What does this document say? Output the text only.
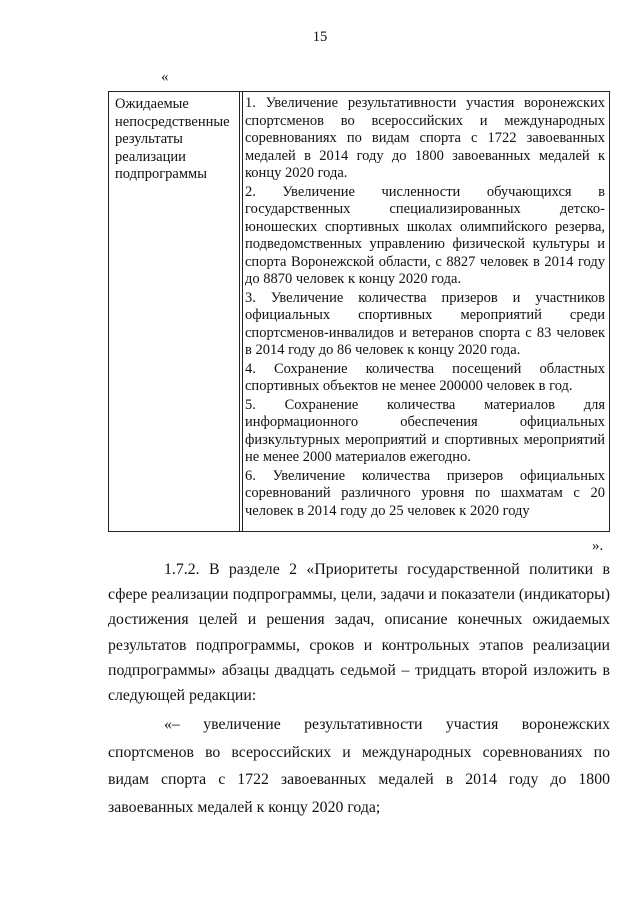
15
«
Ожидаемые непосредственные результаты реализации подпрограммы

1. Увеличение результативности участия воронежских спортсменов во всероссийских и международных соревнованиях по видам спорта с 1722 завоеванных медалей в 2014 году до 1800 завоеванных медалей к концу 2020 года.

2. Увеличение численности обучающихся в государственных специализированных детско-юношеских спортивных школах олимпийского резерва, подведомственных управлению физической культуры и спорта Воронежской области, с 8827 человек в 2014 году до 8870 человек к концу 2020 года.

3. Увеличение количества призеров и участников официальных спортивных мероприятий среди спортсменов-инвалидов и ветеранов спорта с 83 человек в 2014 году до 86 человек к концу 2020 года.

4. Сохранение количества посещений областных спортивных объектов не менее 200000 человек в год.

5. Сохранение количества материалов для информационного обеспечения официальных физкультурных мероприятий и спортивных мероприятий не менее 2000 материалов ежегодно.

6. Увеличение количества призеров официальных соревнований различного уровня по шахматам с 20 человек в 2014 году до 25 человек к 2020 году

».

1.7.2. В разделе 2 «Приоритеты государственной политики в сфере реализации подпрограммы, цели, задачи и показатели (индикаторы) достижения целей и решения задач, описание конечных ожидаемых результатов подпрограммы, сроков и контрольных этапов реализации подпрограммы» абзацы двадцать седьмой – тридцать второй изложить в следующей редакции:

«– увеличение результативности участия воронежских спортсменов во всероссийских и международных соревнованиях по видам спорта с 1722 завоеванных медалей в 2014 году до 1800 завоеванных медалей к концу 2020 года;
